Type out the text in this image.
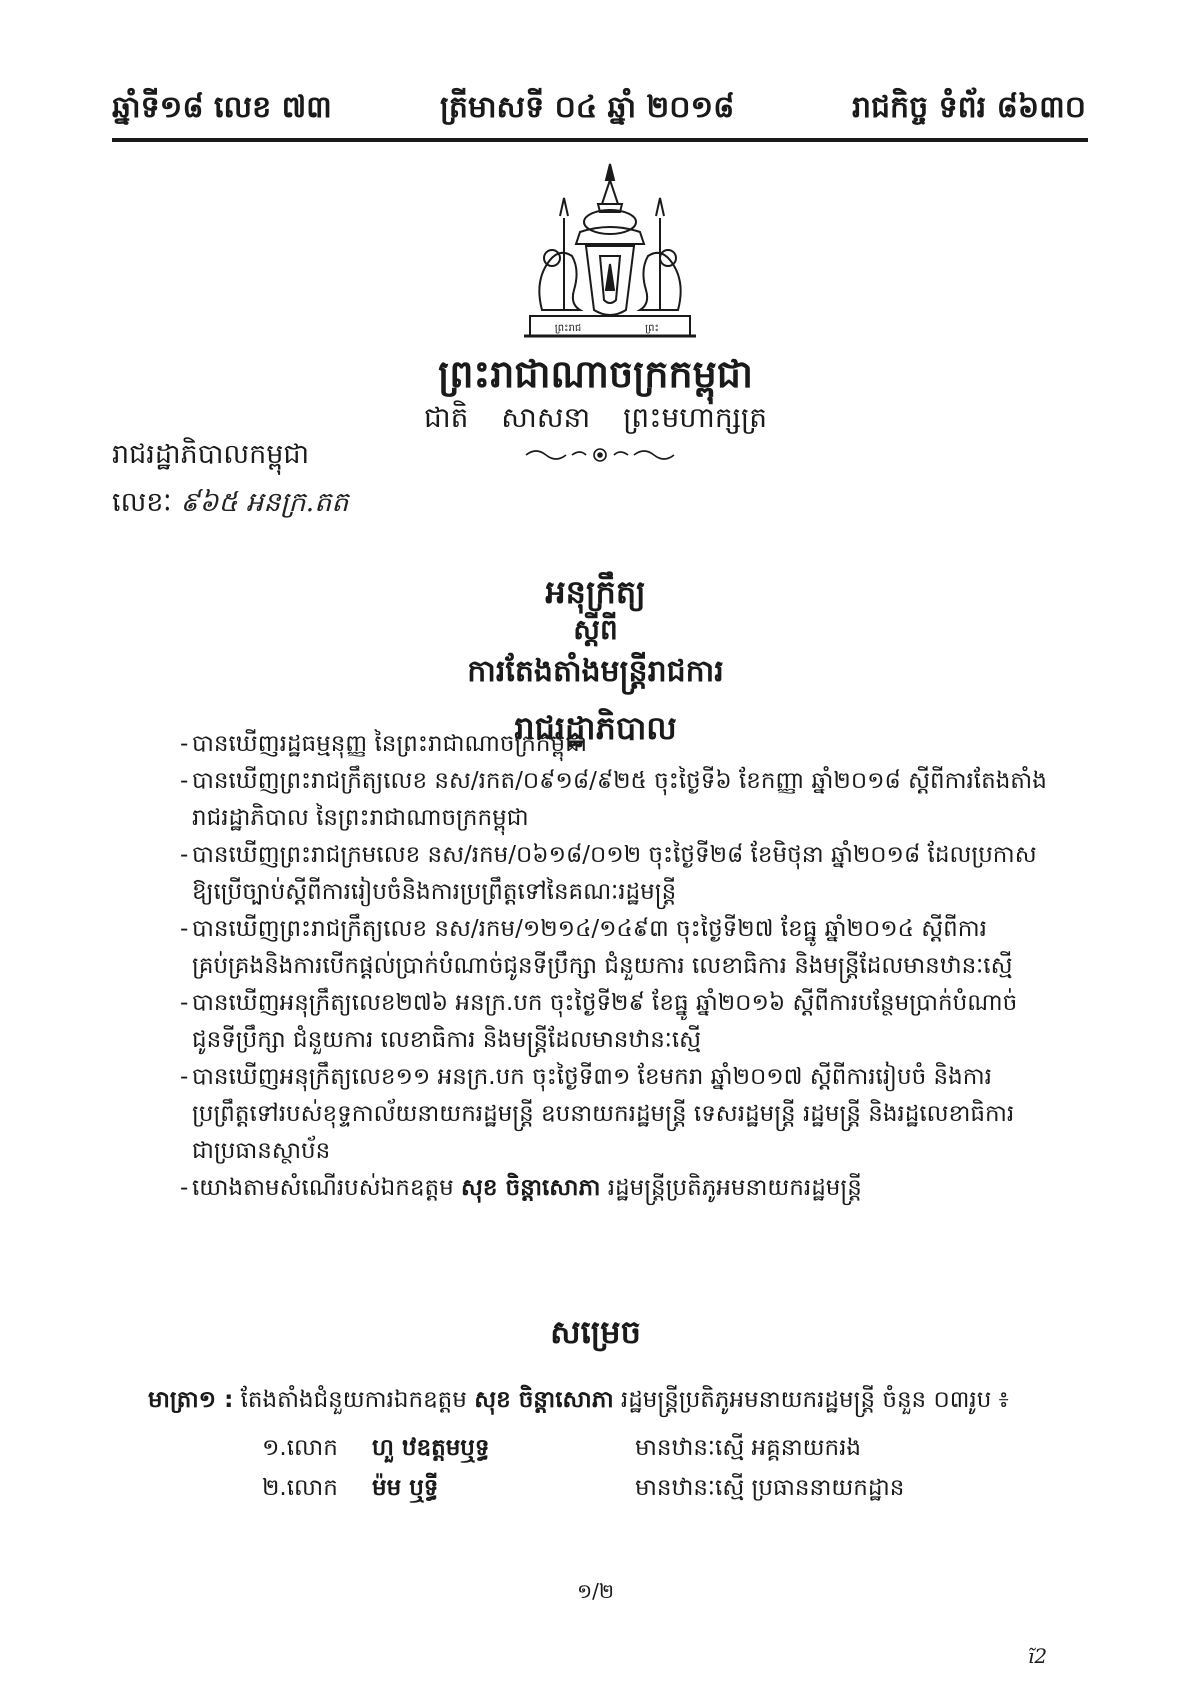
ឆ្នាំទី១៨ លេខ ៧៣	ត្រីមាសទី ០៤ ឆ្នាំ ២០១៨	រាជកិច្ច ទំព័រ ៨៦៣០
ព្រះរាជ	ព្រះ
ព្រះរាជាណាចក្រកម្ពុជា
ជាតិ សាសនា ព្រះមហាក្សត្រ
រាជរដ្ឋាភិបាលកម្ពុជា
លេខៈ ៩៦៥ អនក្រ.តត
អនុក្រឹត្យ
ស្តីពី
ការតែងតាំងមន្ត្រីរាជការ
រាជរដ្ឋាភិបាល
- បានឃើញរដ្ឋធម្មនុញ្ញ នៃព្រះរាជាណាចក្រកម្ពុជា

- បានឃើញព្រះរាជក្រឹត្យលេខ នស/រកត/០៩១៨/៩២៥ ចុះថ្ងៃទី៦ ខែកញ្ញា ឆ្នាំ២០១៨ ស្តីពីការតែងតាំង

រាជរដ្ឋាភិបាល នៃព្រះរាជាណាចក្រកម្ពុជា

- បានឃើញព្រះរាជក្រមលេខ នស/រកម/០៦១៨/០១២ ចុះថ្ងៃទី២៨ ខែមិថុនា ឆ្នាំ២០១៨ ដែលប្រកាស

ឱ្យប្រើច្បាប់ស្តីពីការរៀបចំនិងការប្រព្រឹត្តទៅនៃគណៈរដ្ឋមន្ត្រី

- បានឃើញព្រះរាជក្រឹត្យលេខ នស/រកម/១២១៤/១៤៩៣ ចុះថ្ងៃទី២៧ ខែធ្នូ ឆ្នាំ២០១៤ ស្តីពីការ

គ្រប់គ្រងនិងការបើកផ្តល់ប្រាក់បំណាច់ជូនទីប្រឹក្សា ជំនួយការ លេខាធិការ និងមន្ត្រីដែលមានឋានៈស្មើ

- បានឃើញអនុក្រឹត្យលេខ២៧៦ អនក្រ.បក ចុះថ្ងៃទី២៩ ខែធ្នូ ឆ្នាំ២០១៦ ស្តីពីការបន្ថែមប្រាក់បំណាច់

ជូនទីប្រឹក្សា ជំនួយការ លេខាធិការ និងមន្ត្រីដែលមានឋានៈស្មើ

- បានឃើញអនុក្រឹត្យលេខ១១ អនក្រ.បក ចុះថ្ងៃទី៣១ ខែមករា ឆ្នាំ២០១៧ ស្តីពីការរៀបចំ និងការ

ប្រព្រឹត្តទៅរបស់ខុទ្ទកាល័យនាយករដ្ឋមន្ត្រី ឧបនាយករដ្ឋមន្ត្រី ទេសរដ្ឋមន្ត្រី រដ្ឋមន្ត្រី និងរដ្ឋលេខាធិការ

ជាប្រធានស្ថាប័ន

- យោងតាមសំណើរបស់ឯកឧត្តម សុខ ចិន្តាសោភា រដ្ឋមន្ត្រីប្រតិភូអមនាយករដ្ឋមន្ត្រី

សម្រេច
មាត្រា១ : តែងតាំងជំនួយការឯកឧត្តម សុខ ចិន្តាសោភា រដ្ឋមន្ត្រីប្រតិភូអមនាយករដ្ឋមន្ត្រី ចំនួន ០៣រូប ៖
១.លោក ហួ ឋឧត្តមឬទ្ធ	មានឋានៈស្មើ អគ្គនាយករង
២.លោក ម៉ម ឬទ្ធី	មានឋានៈស្មើ ប្រធាននាយកដ្ឋាន
១/២
ĩ2
